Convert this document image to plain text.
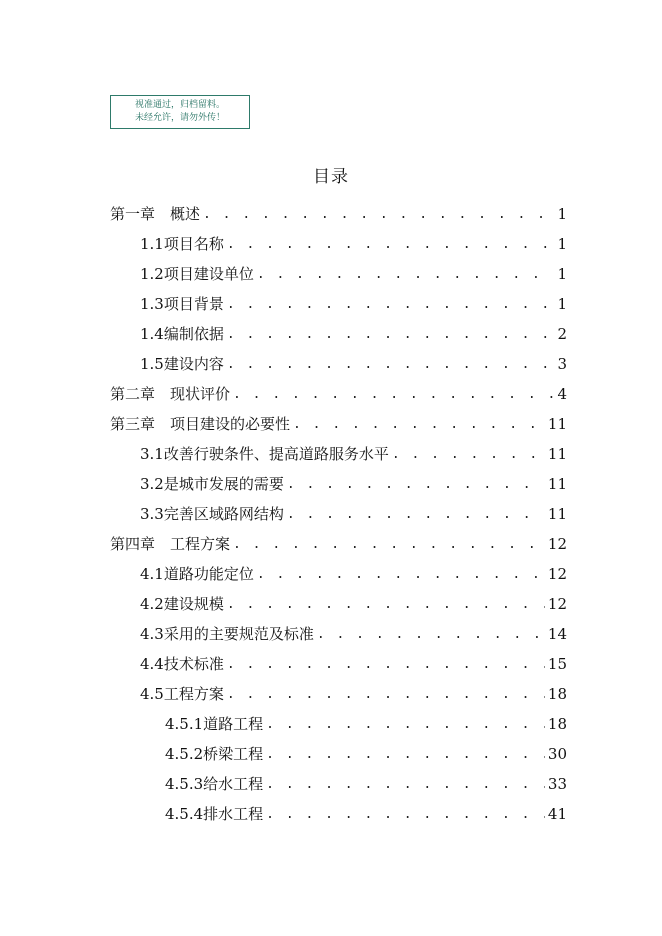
视准通过，归档留料。
未经允许，请勿外传！
目录
第一章　概述 . . .	1
1.1项目名称 . . .	1
1.2项目建设单位 . . .	1
1.3项目背景 . . .	1
1.4编制依据 . . .	2
1.5建设内容 . . .	3
第二章　现状评价 . . .	4
第三章　项目建设的必要性 . . .	11
3.1改善行驶条件、提高道路服务水平 . . .	11
3.2是城市发展的需要 . . .	11
3.3完善区域路网结构 . . .	11
第四章　工程方案 . . .	12
4.1道路功能定位 . . .	12
4.2建设规模 . . .	12
4.3采用的主要规范及标准 . . .	14
4.4技术标准 . . .	15
4.5工程方案 . . .	18
4.5.1道路工程 . . .	18
4.5.2桥梁工程 . . .	30
4.5.3给水工程 . . .	33
4.5.4排水工程 . . .	41
